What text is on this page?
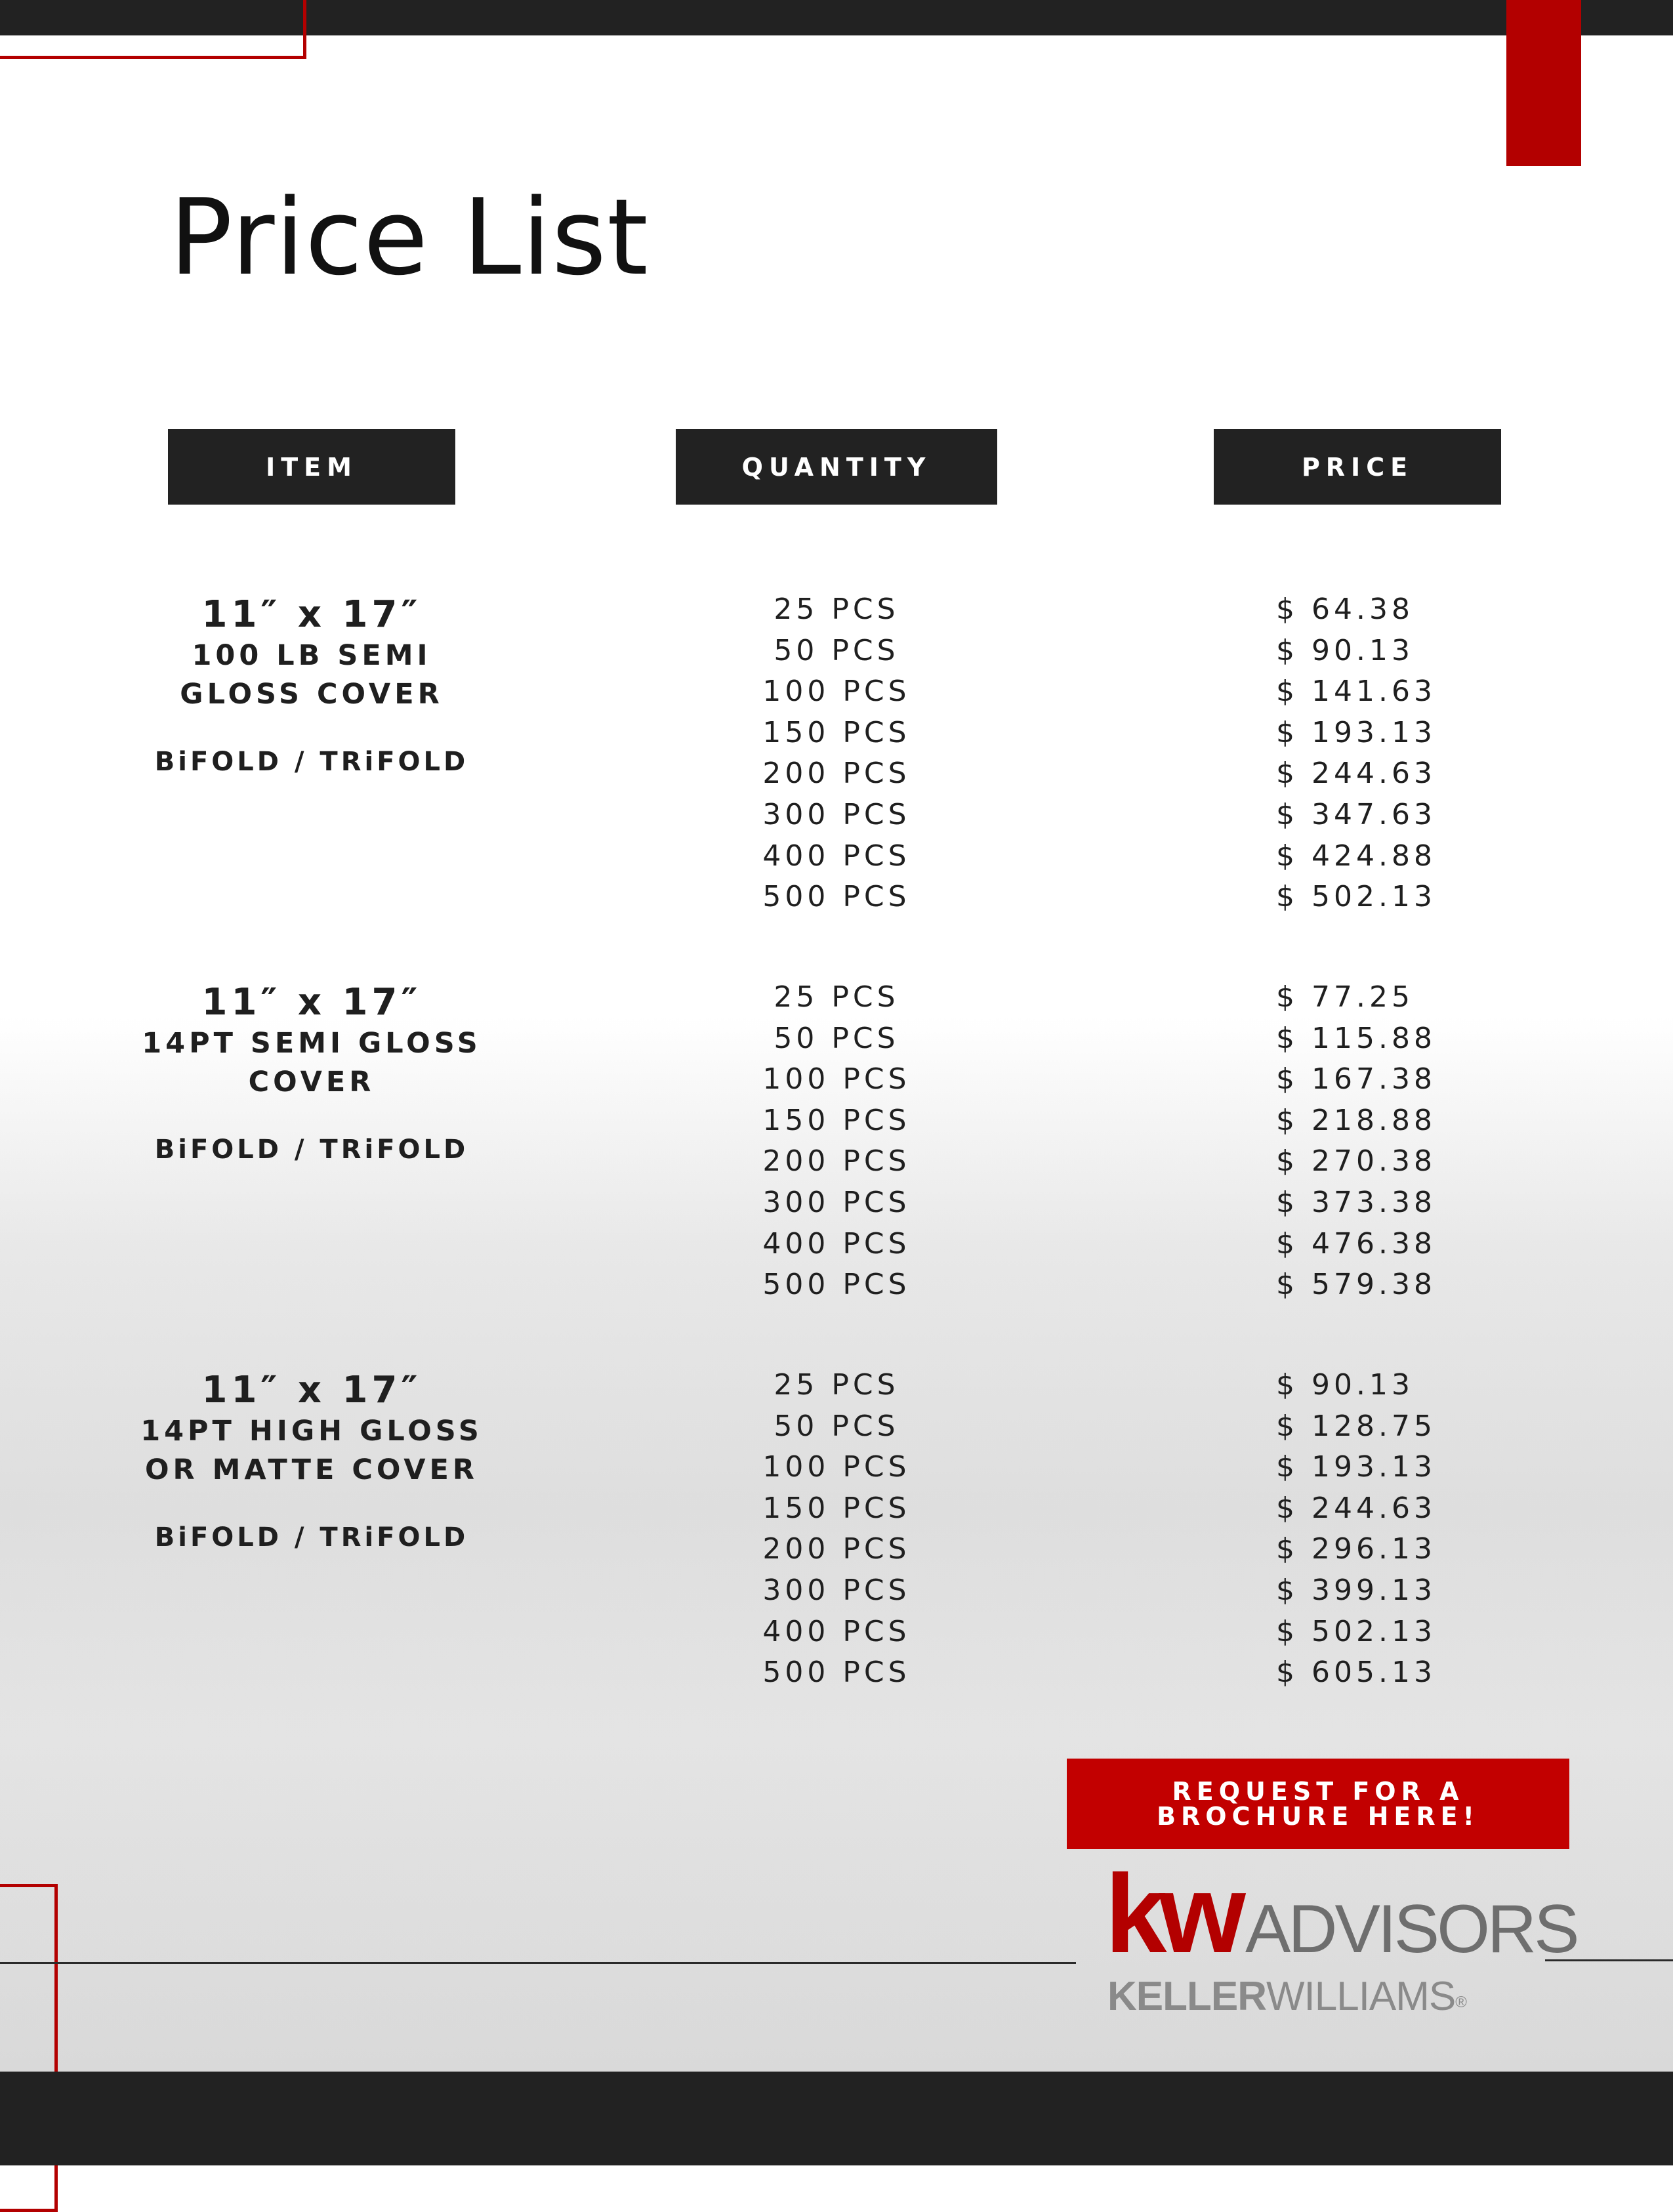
Price List
ITEM	QUANTITY	PRICE
11″ x 17″
100 LB SEMI
GLOSS COVER
BiFOLD / TRiFOLD
25 PCS
50 PCS
100 PCS
150 PCS
200 PCS
300 PCS
400 PCS
500 PCS
$ 64.38
$ 90.13
$ 141.63
$ 193.13
$ 244.63
$ 347.63
$ 424.88
$ 502.13
11″ x 17″
14PT SEMI GLOSS
COVER
BiFOLD / TRiFOLD
25 PCS
50 PCS
100 PCS
150 PCS
200 PCS
300 PCS
400 PCS
500 PCS
$ 77.25
$ 115.88
$ 167.38
$ 218.88
$ 270.38
$ 373.38
$ 476.38
$ 579.38
11″ x 17″
14PT HIGH GLOSS
OR MATTE COVER
BiFOLD / TRiFOLD
25 PCS
50 PCS
100 PCS
150 PCS
200 PCS
300 PCS
400 PCS
500 PCS
$ 90.13
$ 128.75
$ 193.13
$ 244.63
$ 296.13
$ 399.13
$ 502.13
$ 605.13
REQUEST FOR A BROCHURE HERE!
kw ADVISORS
KELLERWILLIAMS®
